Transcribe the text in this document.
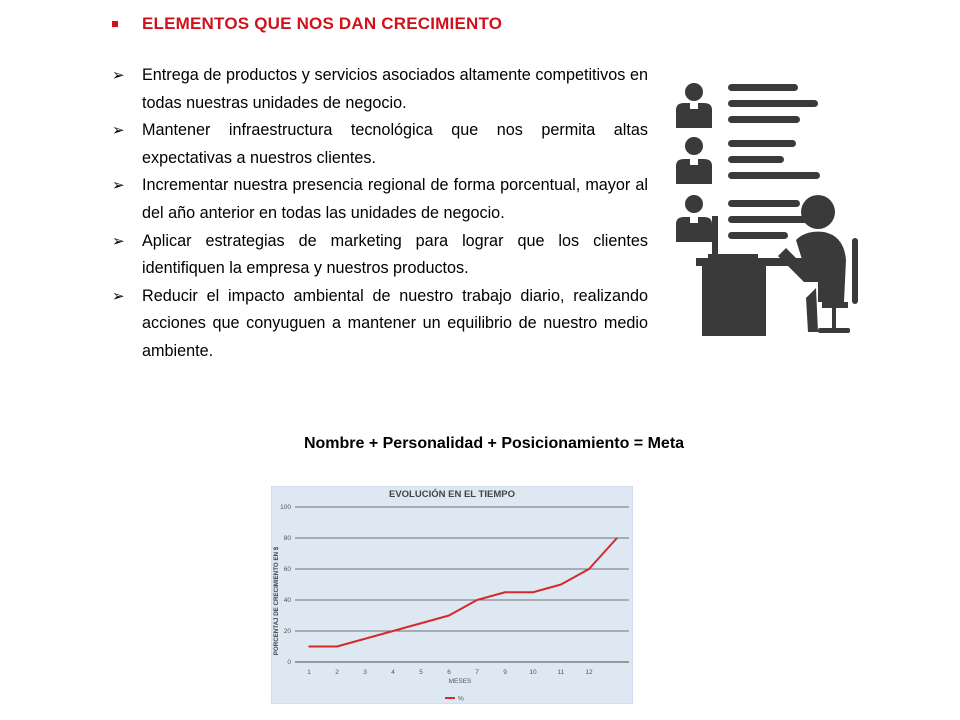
ELEMENTOS QUE NOS DAN CRECIMIENTO
➢ Entrega de productos y servicios asociados altamente competitivos en todas nuestras unidades de negocio.
➢ Mantener infraestructura tecnológica que nos permita altas expectativas a nuestros clientes.
➢ Incrementar nuestra presencia regional de forma porcentual, mayor al del año anterior en todas las unidades de negocio.
➢ Aplicar estrategias de marketing para lograr que los clientes identifiquen la empresa y nuestros productos.
➢ Reducir el impacto ambiental de nuestro trabajo diario, realizando acciones que conyuguen a mantener un equilibrio de nuestro medio ambiente.
Nombre + Personalidad + Posicionamiento = Meta
EVOLUCIÓN EN EL TIEMPO
PORCENTAJ DE CRECIMIENTO EN $
MESES
0
20
40
60
80
100
1	2	3	4	5	6	7	9	10	11	12
%
